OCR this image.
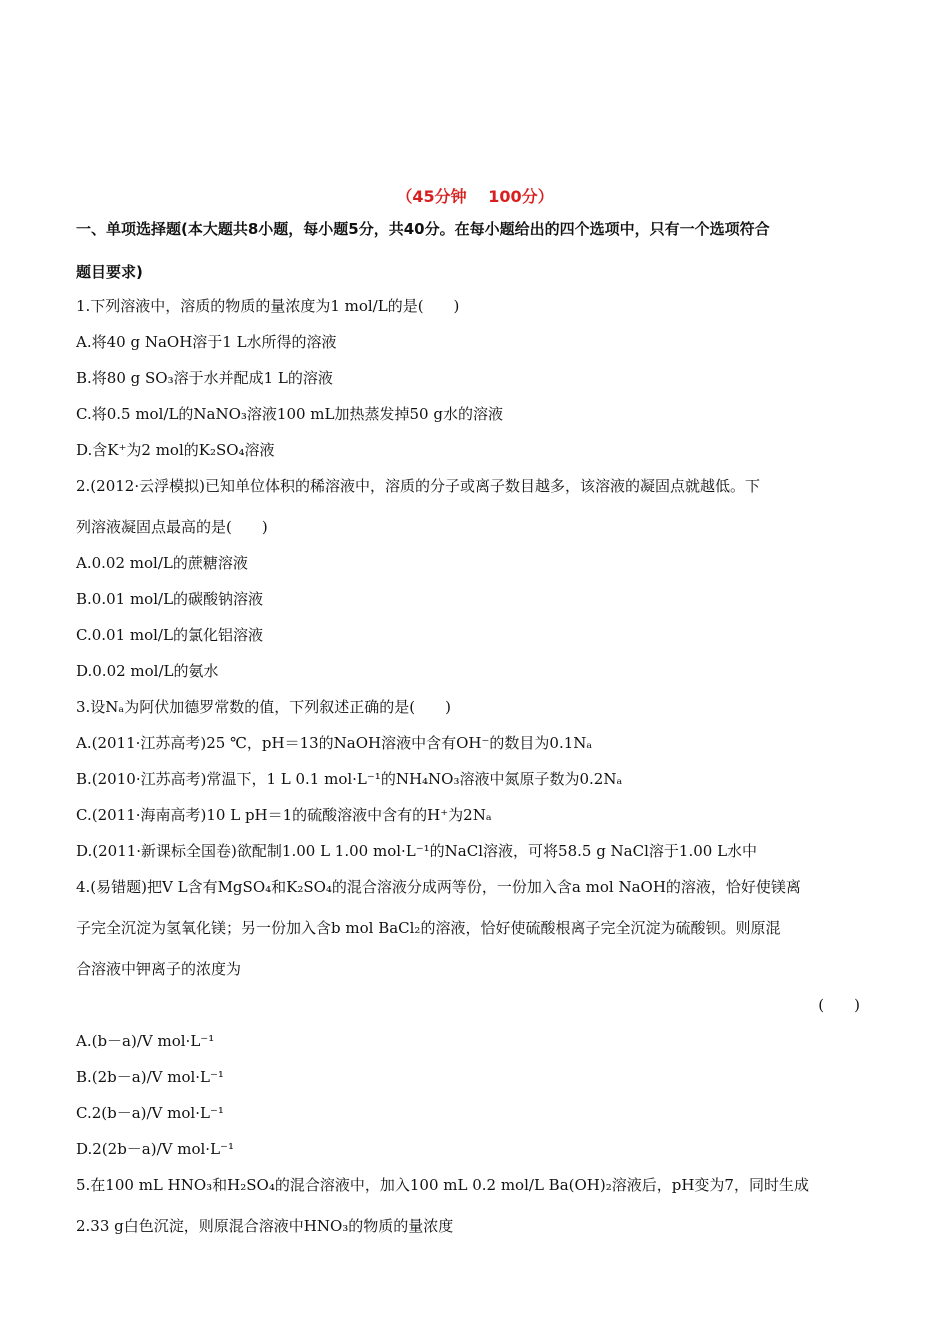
（45分钟　 100分）
一、单项选择题(本大题共8小题，每小题5分，共40分。在每小题给出的四个选项中，只有一个选项符合
题目要求)
1.下列溶液中，溶质的物质的量浓度为1 mol/L的是(　　)
A.将40 g NaOH溶于1 L水所得的溶液
B.将80 g SO₃溶于水并配成1 L的溶液
C.将0.5 mol/L的NaNO₃溶液100 mL加热蒸发掉50 g水的溶液
D.含K⁺为2 mol的K₂SO₄溶液
2.(2012·云浮模拟)已知单位体积的稀溶液中，溶质的分子或离子数目越多，该溶液的凝固点就越低。下
列溶液凝固点最高的是(　　)
A.0.02 mol/L的蔗糖溶液
B.0.01 mol/L的碳酸钠溶液
C.0.01 mol/L的氯化铝溶液
D.0.02 mol/L的氨水
3.设Nₐ为阿伏加德罗常数的值，下列叙述正确的是(　　)
A.(2011·江苏高考)25 ℃，pH＝13的NaOH溶液中含有OH⁻的数目为0.1Nₐ
B.(2010·江苏高考)常温下，1 L 0.1 mol·L⁻¹的NH₄NO₃溶液中氮原子数为0.2Nₐ
C.(2011·海南高考)10 L pH＝1的硫酸溶液中含有的H⁺为2Nₐ
D.(2011·新课标全国卷)欲配制1.00 L 1.00 mol·L⁻¹的NaCl溶液，可将58.5 g NaCl溶于1.00 L水中
4.(易错题)把V L含有MgSO₄和K₂SO₄的混合溶液分成两等份，一份加入含a mol NaOH的溶液，恰好使镁离
子完全沉淀为氢氧化镁；另一份加入含b mol BaCl₂的溶液，恰好使硫酸根离子完全沉淀为硫酸钡。则原混
合溶液中钾离子的浓度为
(　　)
A.(b－a)/V mol·L⁻¹
B.(2b－a)/V mol·L⁻¹
C.2(b－a)/V mol·L⁻¹
D.2(2b－a)/V mol·L⁻¹
5.在100 mL HNO₃和H₂SO₄的混合溶液中，加入100 mL 0.2 mol/L Ba(OH)₂溶液后，pH变为7，同时生成
2.33 g白色沉淀，则原混合溶液中HNO₃的物质的量浓度
